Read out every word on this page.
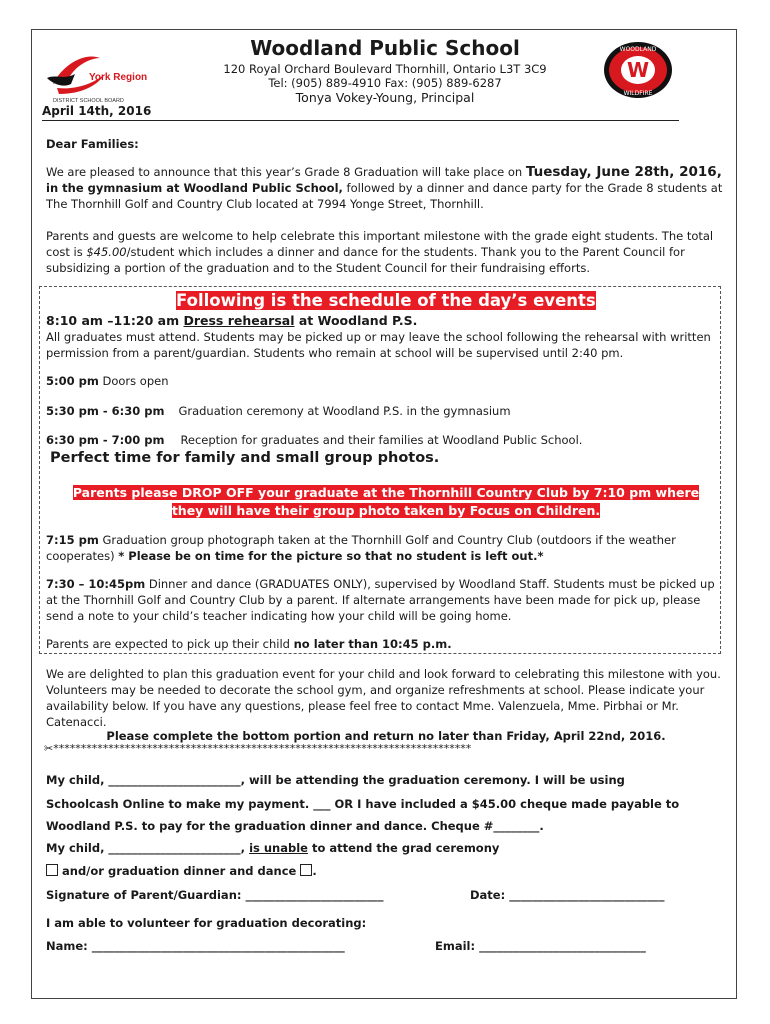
York Region
DISTRICT SCHOOL BOARD
W
WOODLAND
WILDFIRE
Woodland Public School
120 Royal Orchard Boulevard Thornhill, Ontario L3T 3C9
Tel: (905) 889-4910 Fax: (905) 889-6287
Tonya Vokey-Young, Principal
April 14th, 2016
Dear Families:
We are pleased to announce that this year’s Grade 8 Graduation will take place on Tuesday, June 28th, 2016, in the gymnasium at Woodland Public School, followed by a dinner and dance party for the Grade 8 students at The Thornhill Golf and Country Club located at 7994 Yonge Street, Thornhill.
Parents and guests are welcome to help celebrate this important milestone with the grade eight students. The total cost is $45.00/student which includes a dinner and dance for the students. Thank you to the Parent Council for subsidizing a portion of the graduation and to the Student Council for their fundraising efforts.
Following is the schedule of the day’s events
8:10 am –11:20 am Dress rehearsal at Woodland P.S.
All graduates must attend. Students may be picked up or may leave the school following the rehearsal with written permission from a parent/guardian. Students who remain at school will be supervised until 2:40 pm.
5:00 pm Doors open
5:30 pm - 6:30 pm Graduation ceremony at Woodland P.S. in the gymnasium
6:30 pm - 7:00 pm Reception for graduates and their families at Woodland Public School.
Perfect time for family and small group photos.
Parents please DROP OFF your graduate at the Thornhill Country Club by 7:10 pm where
they will have their group photo taken by Focus on Children.
7:15 pm Graduation group photograph taken at the Thornhill Golf and Country Club (outdoors if the weather cooperates) * Please be on time for the picture so that no student is left out.*
7:30 – 10:45pm Dinner and dance (GRADUATES ONLY), supervised by Woodland Staff. Students must be picked up at the Thornhill Golf and Country Club by a parent. If alternate arrangements have been made for pick up, please send a note to your child’s teacher indicating how your child will be going home.
Parents are expected to pick up their child no later than 10:45 p.m.
We are delighted to plan this graduation event for your child and look forward to celebrating this milestone with you. Volunteers may be needed to decorate the school gym, and organize refreshments at school. Please indicate your availability below. If you have any questions, please feel free to contact Mme. Valenzuela, Mme. Pirbhai or Mr. Catenacci.
Please complete the bottom portion and return no later than Friday, April 22nd, 2016.
✂****************************************************************************
My child, _______________________, will be attending the graduation ceremony. I will be using
Schoolcash Online to make my payment. ___ OR I have included a $45.00 cheque made payable to
Woodland P.S. to pay for the graduation dinner and dance. Cheque #________.
My child, _______________________, is unable to attend the grad ceremony
and/or graduation dinner and dance .
Signature of Parent/Guardian: ________________________	Date: ___________________________
I am able to volunteer for graduation decorating:
Name: ____________________________________________	Email: _____________________________
